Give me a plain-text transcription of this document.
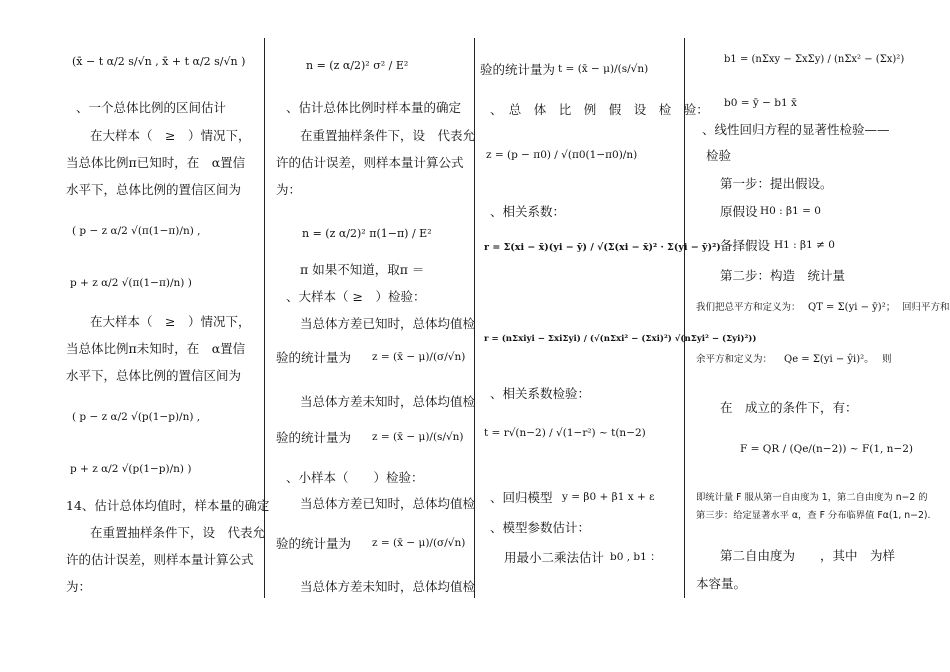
(x̄ − t α/2 s/√n , x̄ + t α/2 s/√n )
、一个总体比例的区间估计
在大样本（　≥　）情况下，
当总体比例π已知时，在　α置信
水平下，总体比例的置信区间为
( p − z α/2 √(π(1−π)/n) ,
p + z α/2 √(π(1−π)/n) )
在大样本（　≥　）情况下，
当总体比例π未知时，在　α置信
水平下，总体比例的置信区间为
( p − z α/2 √(p(1−p)/n) ,
p + z α/2 √(p(1−p)/n) )
14、估计总体均值时，样本量的确定
在重置抽样条件下，设　代表允
许的估计误差，则样本量计算公式
为：
n = (z α/2)² σ² / E²
、估计总体比例时样本量的确定
在重置抽样条件下，设　代表允
许的估计误差，则样本量计算公式
为：
n = (z α/2)² π(1−π) / E²
π 如果不知道，取π ＝
、大样本（ ≥　）检验：
当总体方差已知时，总体均值检
验的统计量为 z = (x̄ − μ)/(σ/√n)
当总体方差未知时，总体均值检
验的统计量为 z = (x̄ − μ)/(s/√n)
、小样本（　　）检验：
当总体方差已知时，总体均值检
验的统计量为 z = (x̄ − μ)/(σ/√n)
当总体方差未知时，总体均值检
验的统计量为 t = (x̄ − μ)/(s/√n)
、　总　体　比　例　假　设　检　验：
z = (p − π0) / √(π0(1−π0)/n)
、相关系数：
r = Σ(xi − x̄)(yi − ȳ) / √(Σ(xi − x̄)² · Σ(yi − ȳ)²)
r = (nΣxiyi − ΣxiΣyi) / (√(nΣxi² − (Σxi)²) √(nΣyi² − (Σyi)²))
、相关系数检验：
t = r√(n−2) / √(1−r²) ~ t(n−2)
、回归模型 y = β0 + β1 x + ε
、模型参数估计：
用最小二乘法估计 b0 , b1 ：
b1 = (nΣxy − ΣxΣy) / (nΣx² − (Σx)²)
b0 = ȳ − b1 x̄
、线性回归方程的显著性检验——
检验
第一步：提出假设。
原假设 H0 : β1 = 0
备择假设 H1 : β1 ≠ 0
第二步：构造　统计量
我们把总平方和定义为： QT = Σ(yi − ȳ)²； 回归平方和
余平方和定义为： Qe = Σ(yi − ŷi)²。 则
在　成立的条件下，有：
F = QR / (Qe/(n−2)) ~ F(1, n−2)
即统计量 F 服从第一自由度为 1，第二自由度为 n−2 的
第三步：给定显著水平 α，查 F 分布临界值 Fα(1, n−2).
第二自由度为　　，其中　为样
本容量。
